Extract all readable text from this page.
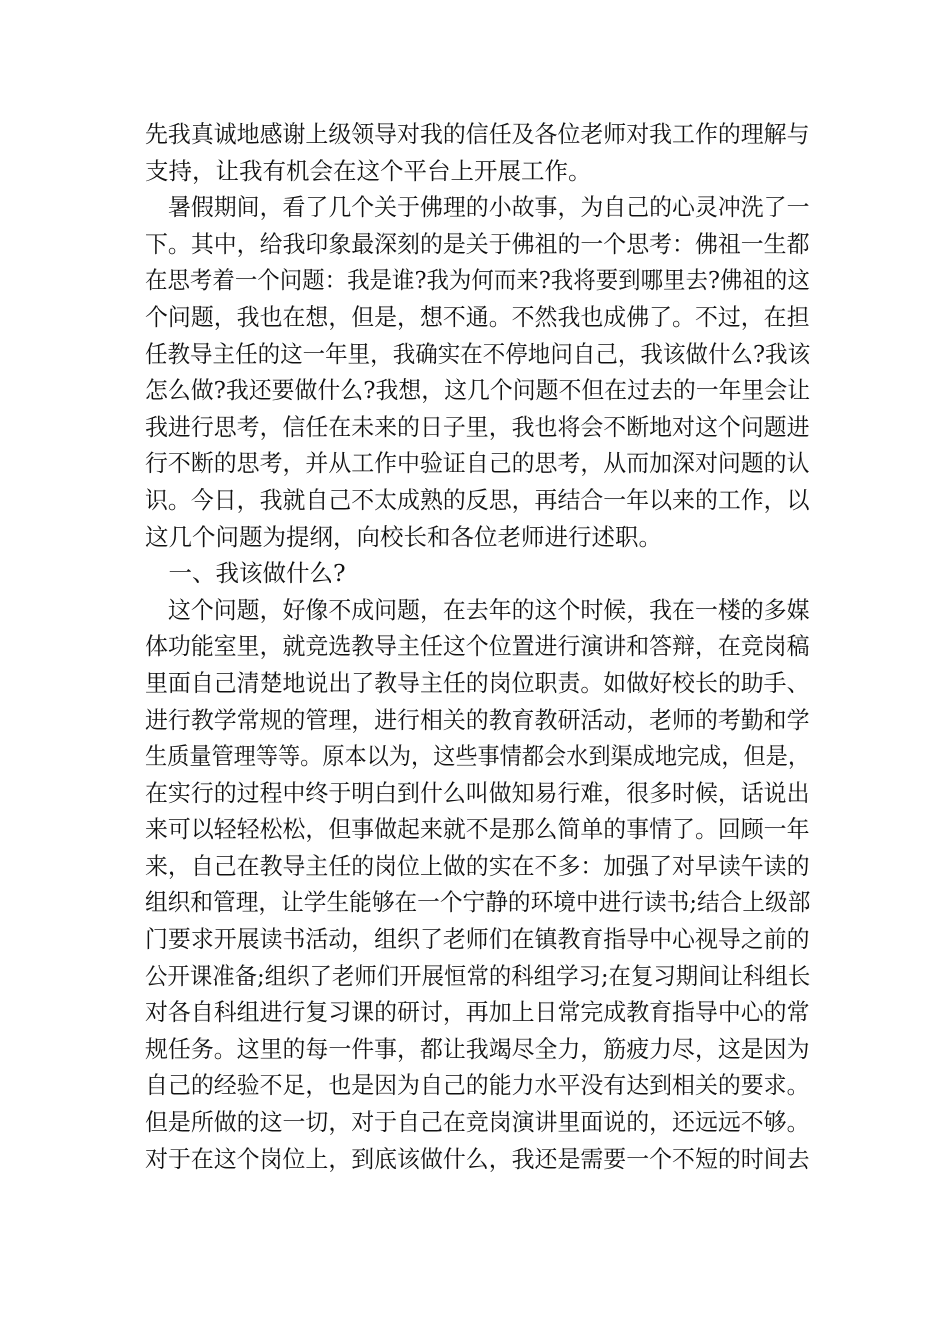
先我真诚地感谢上级领导对我的信任及各位老师对我工作的理解与
支持，让我有机会在这个平台上开展工作。
　暑假期间，看了几个关于佛理的小故事，为自己的心灵冲洗了一
下。其中，给我印象最深刻的是关于佛祖的一个思考：佛祖一生都
在思考着一个问题：我是谁?我为何而来?我将要到哪里去?佛祖的这
个问题，我也在想，但是，想不通。不然我也成佛了。不过，在担
任教导主任的这一年里，我确实在不停地问自己，我该做什么?我该
怎么做?我还要做什么?我想，这几个问题不但在过去的一年里会让
我进行思考，信任在未来的日子里，我也将会不断地对这个问题进
行不断的思考，并从工作中验证自己的思考，从而加深对问题的认
识。今日，我就自己不太成熟的反思，再结合一年以来的工作，以
这几个问题为提纲，向校长和各位老师进行述职。
　一、我该做什么?
　这个问题，好像不成问题，在去年的这个时候，我在一楼的多媒
体功能室里，就竞选教导主任这个位置进行演讲和答辩，在竞岗稿
里面自己清楚地说出了教导主任的岗位职责。如做好校长的助手、
进行教学常规的管理，进行相关的教育教研活动，老师的考勤和学
生质量管理等等。原本以为，这些事情都会水到渠成地完成，但是，
在实行的过程中终于明白到什么叫做知易行难，很多时候，话说出
来可以轻轻松松，但事做起来就不是那么简单的事情了。回顾一年
来，自己在教导主任的岗位上做的实在不多：加强了对早读午读的
组织和管理，让学生能够在一个宁静的环境中进行读书;结合上级部
门要求开展读书活动，组织了老师们在镇教育指导中心视导之前的
公开课准备;组织了老师们开展恒常的科组学习;在复习期间让科组长
对各自科组进行复习课的研讨，再加上日常完成教育指导中心的常
规任务。这里的每一件事，都让我竭尽全力，筋疲力尽，这是因为
自己的经验不足，也是因为自己的能力水平没有达到相关的要求。
但是所做的这一切，对于自己在竞岗演讲里面说的，还远远不够。
对于在这个岗位上，到底该做什么，我还是需要一个不短的时间去
